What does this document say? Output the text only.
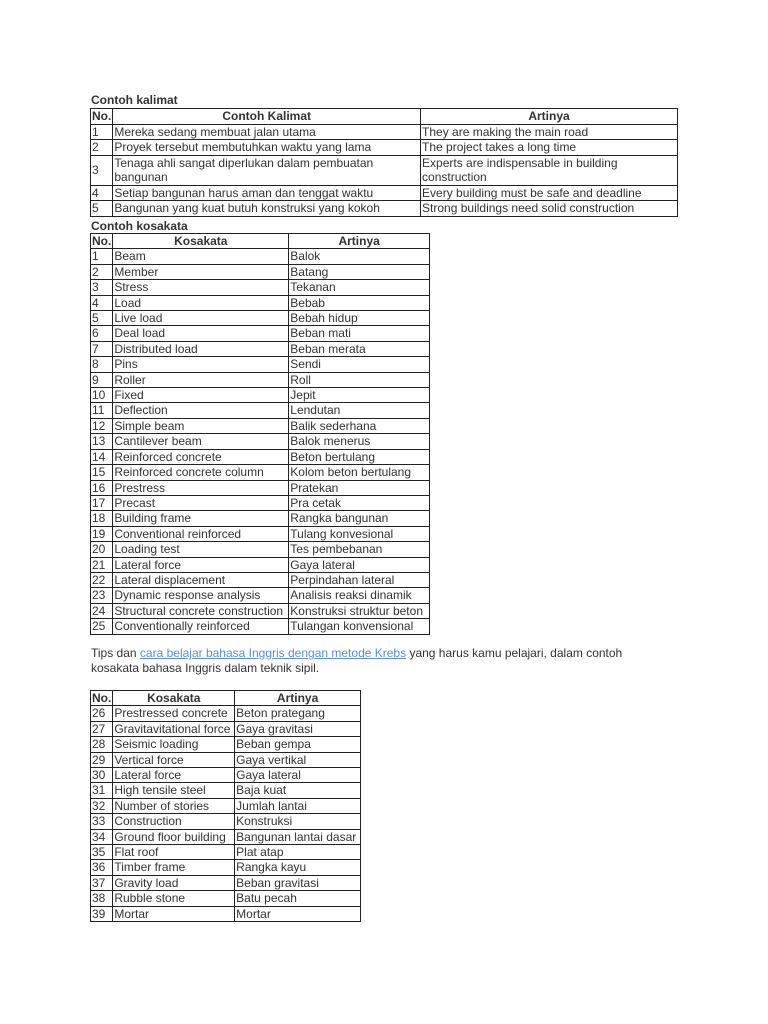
Contoh kalimat
No.	Contoh Kalimat	Artinya
1	Mereka sedang membuat jalan utama	They are making the main road
2	Proyek tersebut membutuhkan waktu yang lama	The project takes a long time
3	Tenaga ahli sangat diperlukan dalam pembuatan bangunan	Experts are indispensable in building construction
4	Setiap bangunan harus aman dan tenggat waktu	Every building must be safe and deadline
5	Bangunan yang kuat butuh konstruksi yang kokoh	Strong buildings need solid construction
Contoh kosakata
No.	Kosakata	Artinya
1	Beam	Balok
2	Member	Batang
3	Stress	Tekanan
4	Load	Bebab
5	Live load	Bebah hidup
6	Deal load	Beban mati
7	Distributed load	Beban merata
8	Pins	Sendi
9	Roller	Roll
10	Fixed	Jepit
11	Deflection	Lendutan
12	Simple beam	Balik sederhana
13	Cantilever beam	Balok menerus
14	Reinforced concrete	Beton bertulang
15	Reinforced concrete column	Kolom beton bertulang
16	Prestress	Pratekan
17	Precast	Pra cetak
18	Building frame	Rangka bangunan
19	Conventional reinforced	Tulang konvesional
20	Loading test	Tes pembebanan
21	Lateral force	Gaya lateral
22	Lateral displacement	Perpindahan lateral
23	Dynamic response analysis	Analisis reaksi dinamik
24	Structural concrete construction	Konstruksi struktur beton
25	Conventionally reinforced	Tulangan konvensional
Tips dan cara belajar bahasa Inggris dengan metode Krebs yang harus kamu pelajari, dalam contoh kosakata bahasa Inggris dalam teknik sipil.
No.	Kosakata	Artinya
26	Prestressed concrete	Beton prategang
27	Gravitavitational force	Gaya gravitasi
28	Seismic loading	Beban gempa
29	Vertical force	Gaya vertikal
30	Lateral force	Gaya lateral
31	High tensile steel	Baja kuat
32	Number of stories	Jumlah lantai
33	Construction	Konstruksi
34	Ground floor building	Bangunan lantai dasar
35	Flat roof	Plat atap
36	Timber frame	Rangka kayu
37	Gravity load	Beban gravitasi
38	Rubble stone	Batu pecah
39	Mortar	Mortar
